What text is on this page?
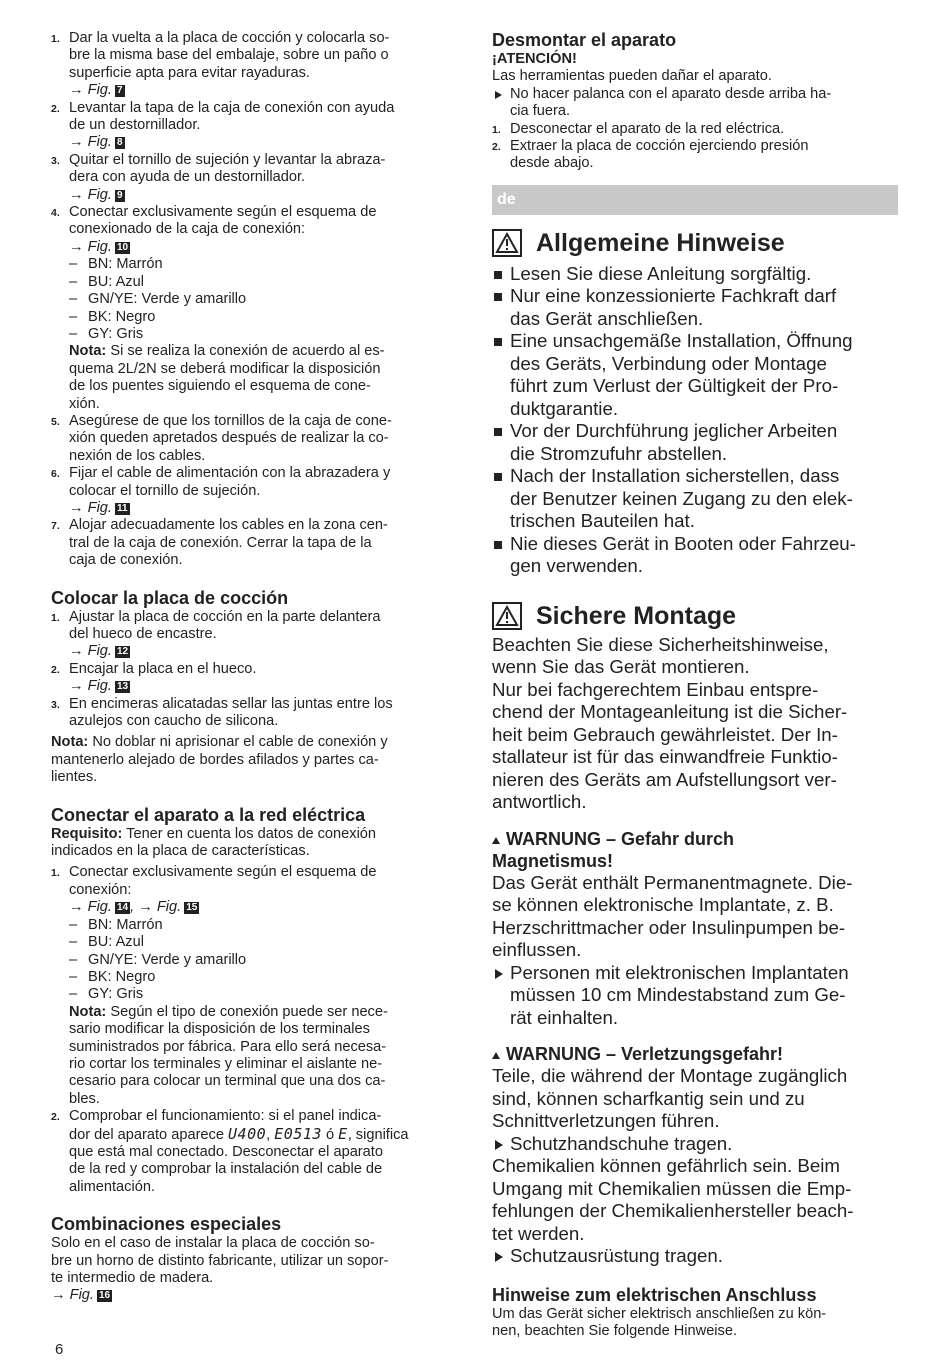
1. Dar la vuelta a la placa de cocción y colocarla so-
bre la misma base del embalaje, sobre un paño o
superficie apta para evitar rayaduras.
→ Fig. 7
2. Levantar la tapa de la caja de conexión con ayuda
de un destornillador.
→ Fig. 8
3. Quitar el tornillo de sujeción y levantar la abraza-
dera con ayuda de un destornillador.
→ Fig. 9
4. Conectar exclusivamente según el esquema de
conexionado de la caja de conexión:
→ Fig. 10
– BN: Marrón
– BU: Azul
– GN/YE: Verde y amarillo
– BK: Negro
– GY: Gris
Nota: Si se realiza la conexión de acuerdo al es-
quema 2L/2N se deberá modificar la disposición
de los puentes siguiendo el esquema de cone-
xión.
5. Asegúrese de que los tornillos de la caja de cone-
xión queden apretados después de realizar la co-
nexión de los cables.
6. Fijar el cable de alimentación con la abrazadera y
colocar el tornillo de sujeción.
→ Fig. 11
7. Alojar adecuadamente los cables en la zona cen-
tral de la caja de conexión. Cerrar la tapa de la
caja de conexión.
Colocar la placa de cocción
1. Ajustar la placa de cocción en la parte delantera
del hueco de encastre.
→ Fig. 12
2. Encajar la placa en el hueco.
→ Fig. 13
3. En encimeras alicatadas sellar las juntas entre los
azulejos con caucho de silicona.
Nota: No doblar ni aprisionar el cable de conexión y
mantenerlo alejado de bordes afilados y partes ca-
lientes.
Conectar el aparato a la red eléctrica
Requisito: Tener en cuenta los datos de conexión
indicados en la placa de características.
1. Conectar exclusivamente según el esquema de
conexión:
→ Fig. 14 , → Fig. 15
– BN: Marrón
– BU: Azul
– GN/YE: Verde y amarillo
– BK: Negro
– GY: Gris
Nota: Según el tipo de conexión puede ser nece-
sario modificar la disposición de los terminales
suministrados por fábrica. Para ello será necesa-
rio cortar los terminales y eliminar el aislante ne-
cesario para colocar un terminal que una dos ca-
bles.
2. Comprobar el funcionamiento: si el panel indica-
dor del aparato aparece U400, E0513 ó E, significa
que está mal conectado. Desconectar el aparato
de la red y comprobar la instalación del cable de
alimentación.
Combinaciones especiales
Solo en el caso de instalar la placa de cocción so-
bre un horno de distinto fabricante, utilizar un sopor-
te intermedio de madera.
→ Fig. 16
6
Desmontar el aparato
¡ATENCIÓN!
Las herramientas pueden dañar el aparato.
No hacer palanca con el aparato desde arriba ha-
cia fuera.
1. Desconectar el aparato de la red eléctrica.
2. Extraer la placa de cocción ejerciendo presión
desde abajo.
de
Allgemeine Hinweise
Lesen Sie diese Anleitung sorgfältig.
Nur eine konzessionierte Fachkraft darf
das Gerät anschließen.
Eine unsachgemäße Installation, Öffnung
des Geräts, Verbindung oder Montage
führt zum Verlust der Gültigkeit der Pro-
duktgarantie.
Vor der Durchführung jeglicher Arbeiten
die Stromzufuhr abstellen.
Nach der Installation sicherstellen, dass
der Benutzer keinen Zugang zu den elek-
trischen Bauteilen hat.
Nie dieses Gerät in Booten oder Fahrzeu-
gen verwenden.
Sichere Montage
Beachten Sie diese Sicherheitshinweise,
wenn Sie das Gerät montieren.
Nur bei fachgerechtem Einbau entspre-
chend der Montageanleitung ist die Sicher-
heit beim Gebrauch gewährleistet. Der In-
stallateur ist für das einwandfreie Funktio-
nieren des Geräts am Aufstellungsort ver-
antwortlich.
WARNUNG – Gefahr durch
Magnetismus!
Das Gerät enthält Permanentmagnete. Die-
se können elektronische Implantate, z. B.
Herzschrittmacher oder Insulinpumpen be-
einflussen.
Personen mit elektronischen Implantaten
müssen 10 cm Mindestabstand zum Ge-
rät einhalten.
WARNUNG – Verletzungsgefahr!
Teile, die während der Montage zugänglich
sind, können scharfkantig sein und zu
Schnittverletzungen führen.
Schutzhandschuhe tragen.
Chemikalien können gefährlich sein. Beim
Umgang mit Chemikalien müssen die Emp-
fehlungen der Chemikalienhersteller beach-
tet werden.
Schutzausrüstung tragen.
Hinweise zum elektrischen Anschluss
Um das Gerät sicher elektrisch anschließen zu kön-
nen, beachten Sie folgende Hinweise.
